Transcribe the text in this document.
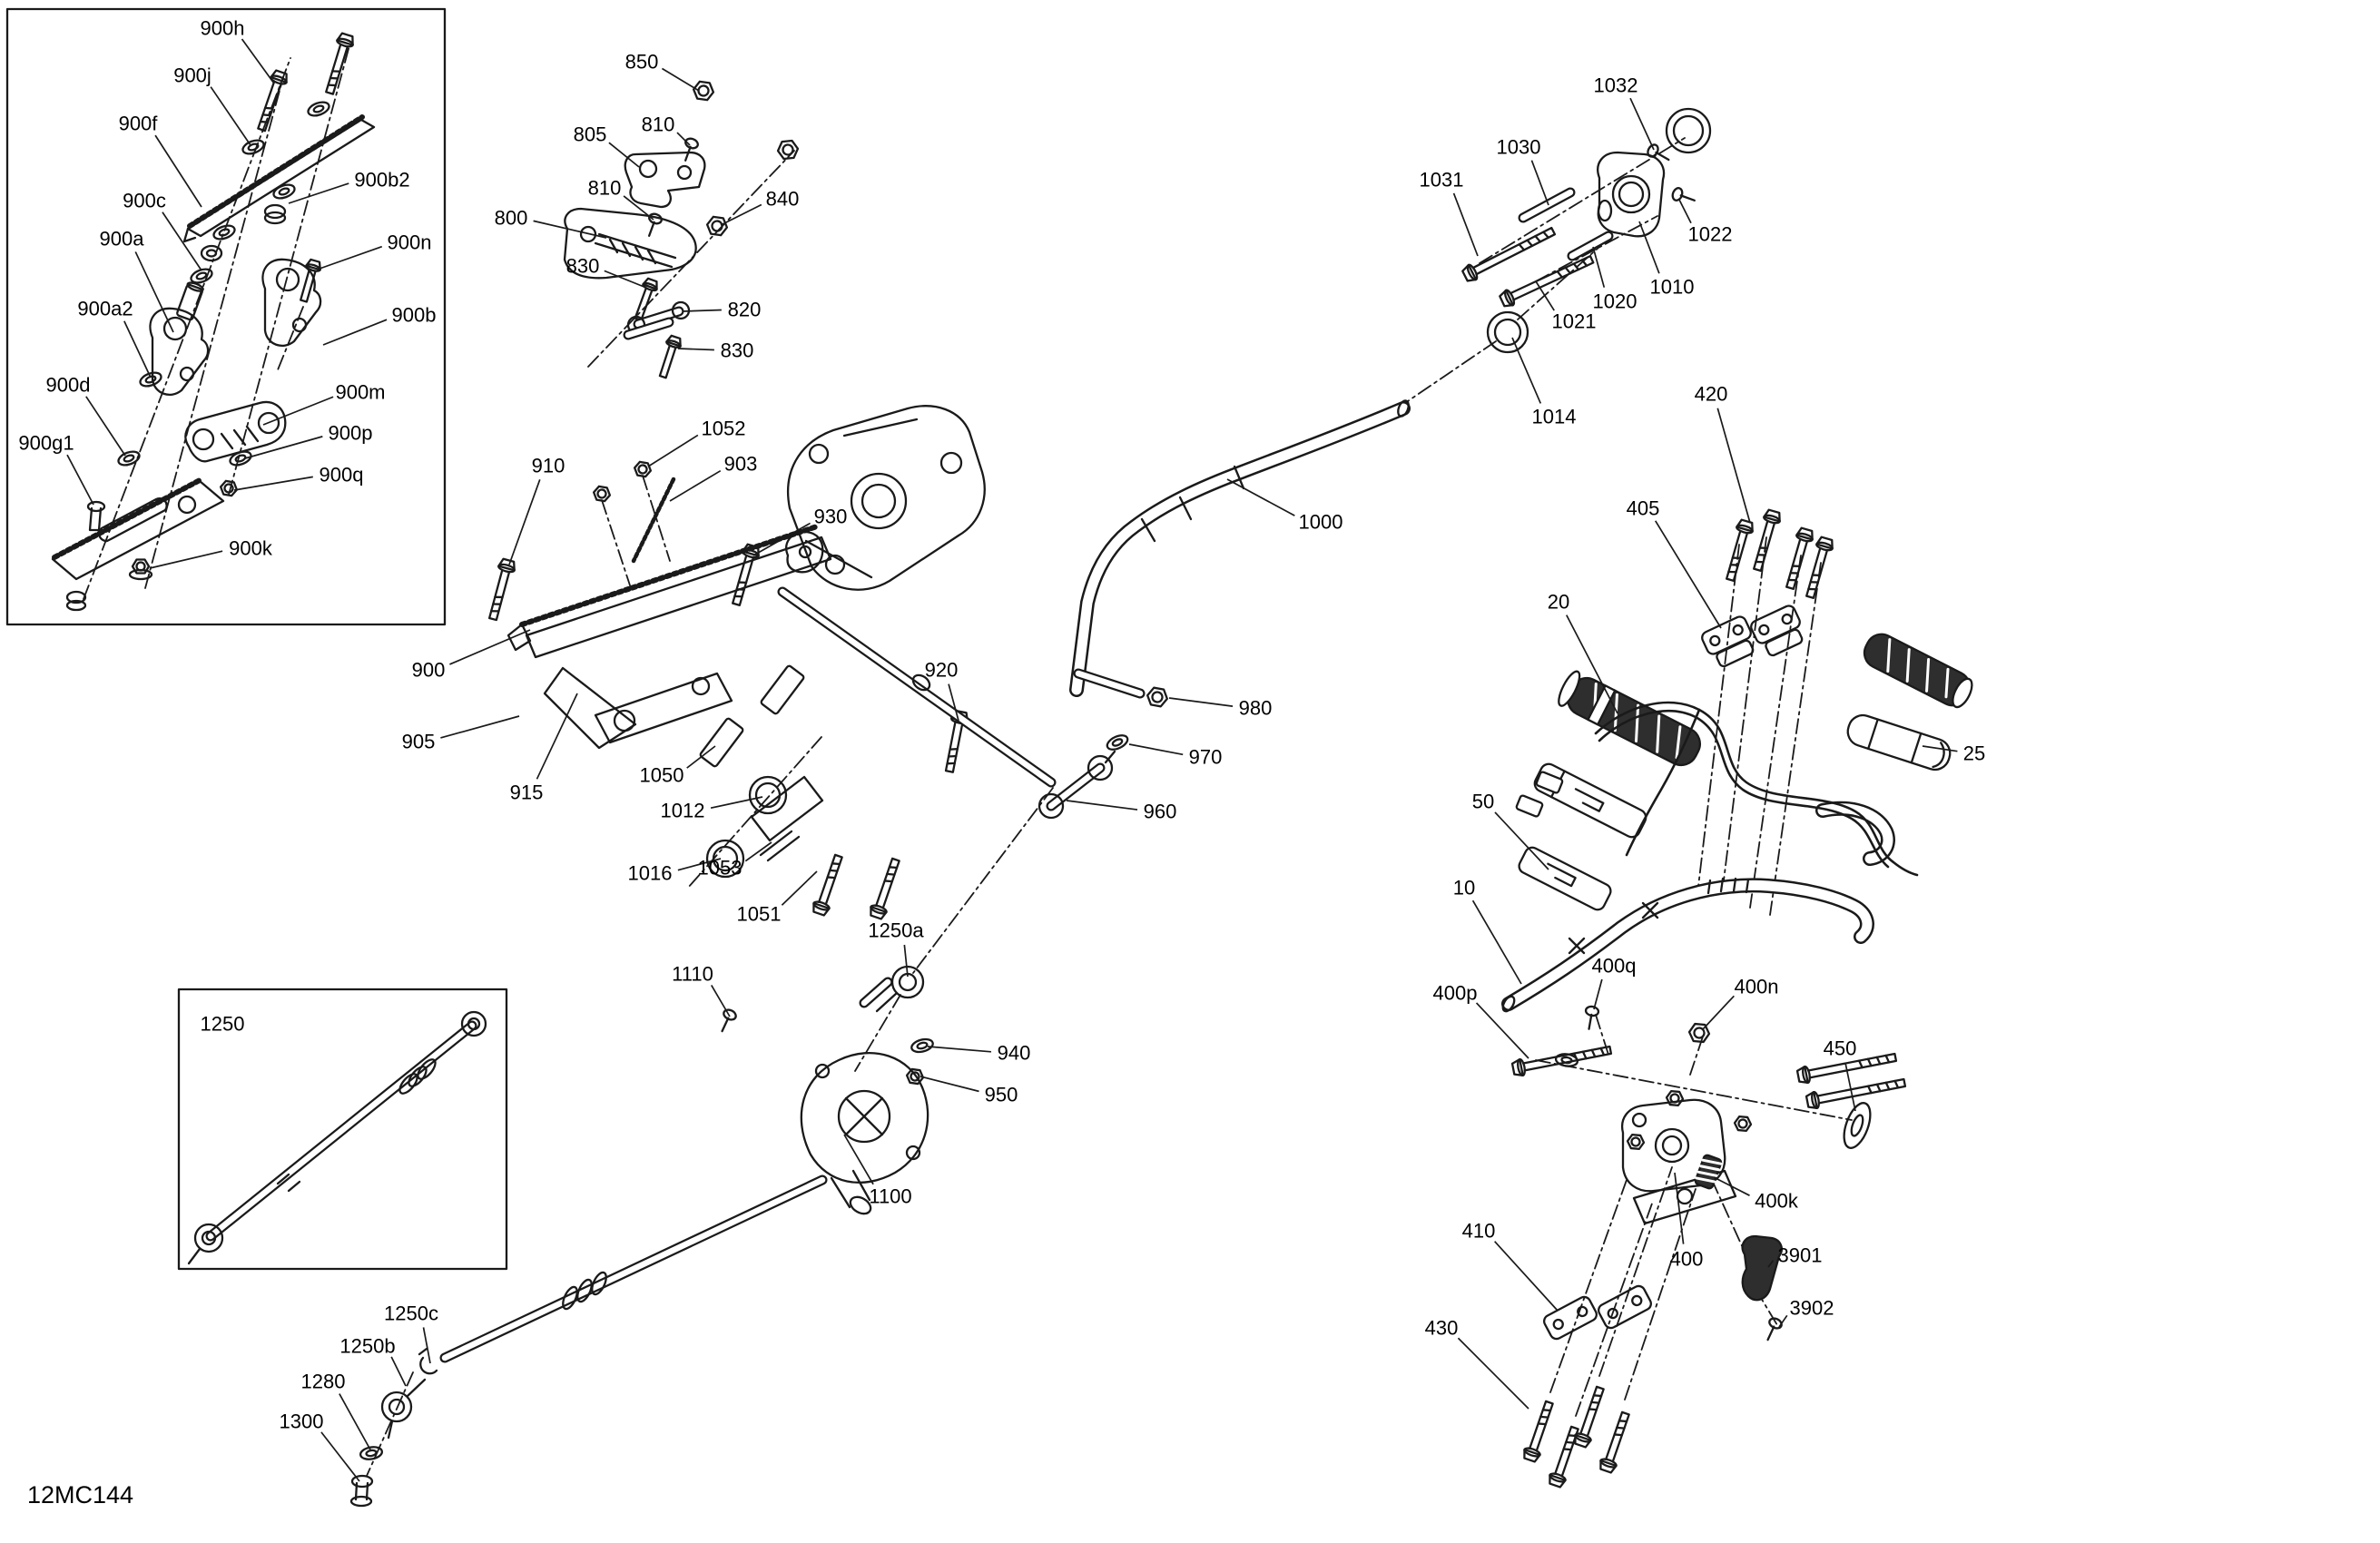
900h
900j
900f
900c
900a
900a2
900b2
900n
900b
900d
900g1
900m
900p
900q
900k
850
810
805
810	840
800
830
820
830
1032
1030
1031
1022
1010
1020
1021
1014
420
405
1052
903
910
930
900
905
915
1050
1012
1016 1053
1051
1250a
920
980
970
960
1000
20
25
50
10
400q
400p	400n
450
400k
410
400	3901
3902
430
1110
940
950
1100
1250
1250c
1250b
1280
1300
12MC144
